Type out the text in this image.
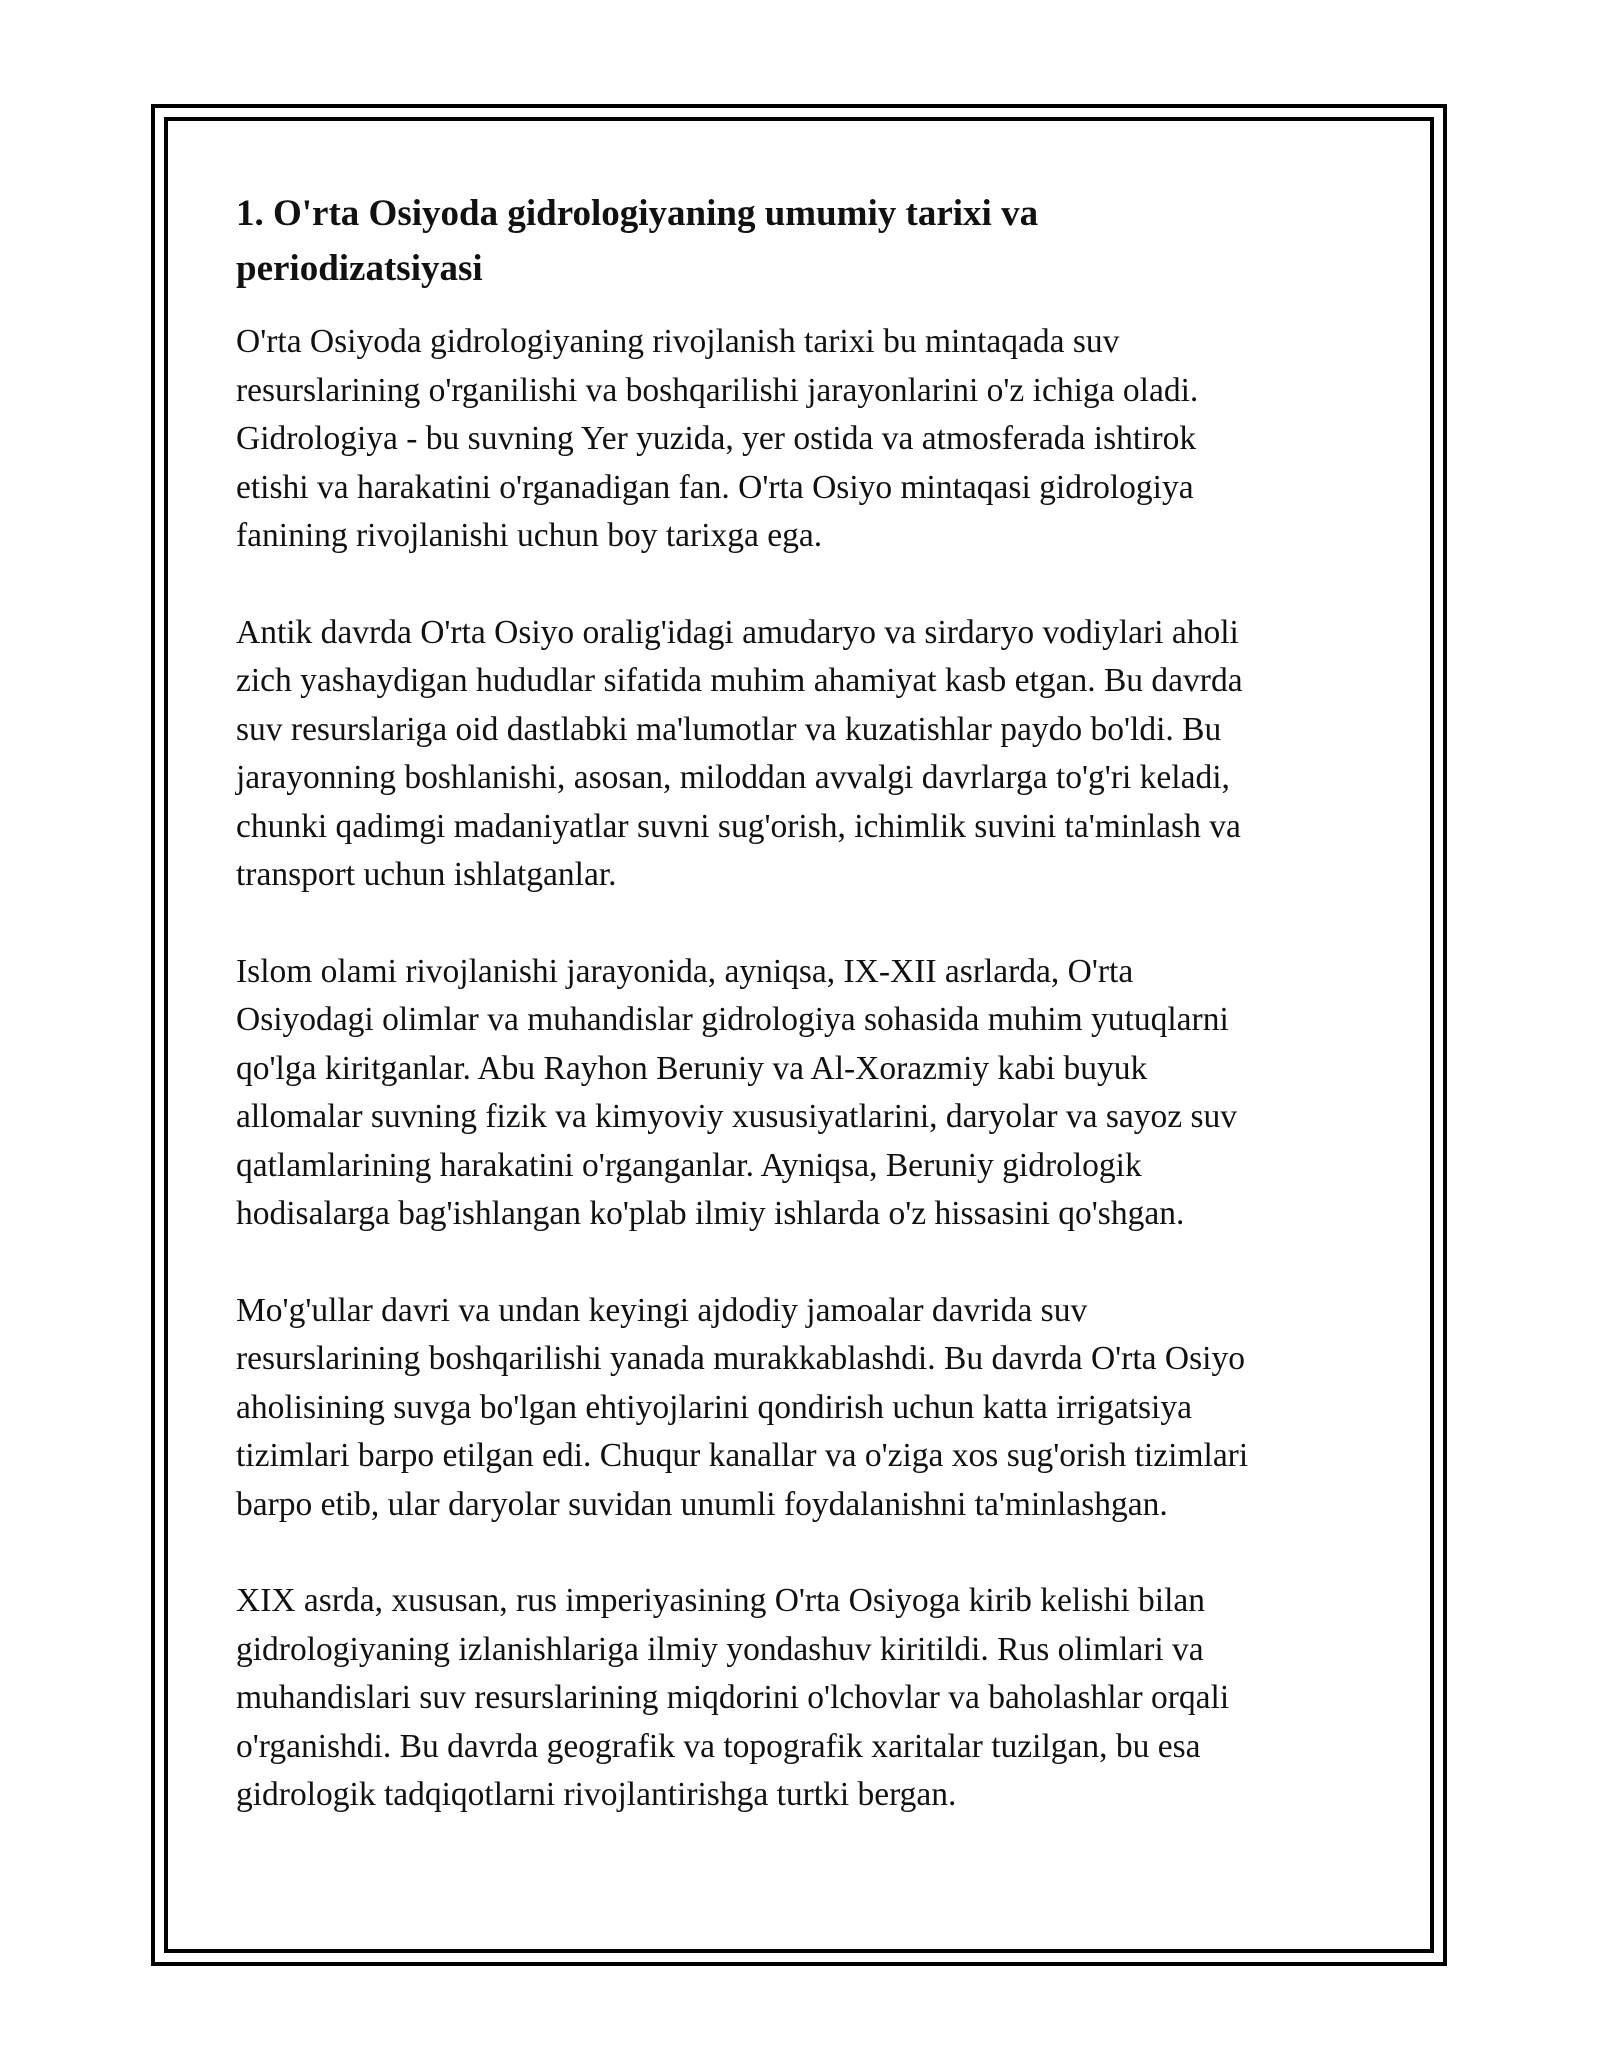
1. O'rta Osiyoda gidrologiyaning umumiy tarixi va
periodizatsiyasi

O'rta Osiyoda gidrologiyaning rivojlanish tarixi bu mintaqada suv
resurslarining o'rganilishi va boshqarilishi jarayonlarini o'z ichiga oladi.
Gidrologiya - bu suvning Yer yuzida, yer ostida va atmosferada ishtirok
etishi va harakatini o'rganadigan fan. O'rta Osiyo mintaqasi gidrologiya
fanining rivojlanishi uchun boy tarixga ega.

Antik davrda O'rta Osiyo oralig'idagi amudaryo va sirdaryo vodiylari aholi
zich yashaydigan hududlar sifatida muhim ahamiyat kasb etgan. Bu davrda
suv resurslariga oid dastlabki ma'lumotlar va kuzatishlar paydo bo'ldi. Bu
jarayonning boshlanishi, asosan, miloddan avvalgi davrlarga to'g'ri keladi,
chunki qadimgi madaniyatlar suvni sug'orish, ichimlik suvini ta'minlash va
transport uchun ishlatganlar.

Islom olami rivojlanishi jarayonida, ayniqsa, IX-XII asrlarda, O'rta
Osiyodagi olimlar va muhandislar gidrologiya sohasida muhim yutuqlarni
qo'lga kiritganlar. Abu Rayhon Beruniy va Al-Xorazmiy kabi buyuk
allomalar suvning fizik va kimyoviy xususiyatlarini, daryolar va sayoz suv
qatlamlarining harakatini o'rganganlar. Ayniqsa, Beruniy gidrologik
hodisalarga bag'ishlangan ko'plab ilmiy ishlarda o'z hissasini qo'shgan.

Mo'g'ullar davri va undan keyingi ajdodiy jamoalar davrida suv
resurslarining boshqarilishi yanada murakkablashdi. Bu davrda O'rta Osiyo
aholisining suvga bo'lgan ehtiyojlarini qondirish uchun katta irrigatsiya
tizimlari barpo etilgan edi. Chuqur kanallar va o'ziga xos sug'orish tizimlari
barpo etib, ular daryolar suvidan unumli foydalanishni ta'minlashgan.

XIX asrda, xususan, rus imperiyasining O'rta Osiyoga kirib kelishi bilan
gidrologiyaning izlanishlariga ilmiy yondashuv kiritildi. Rus olimlari va
muhandislari suv resurslarining miqdorini o'lchovlar va baholashlar orqali
o'rganishdi. Bu davrda geografik va topografik xaritalar tuzilgan, bu esa
gidrologik tadqiqotlarni rivojlantirishga turtki bergan.
